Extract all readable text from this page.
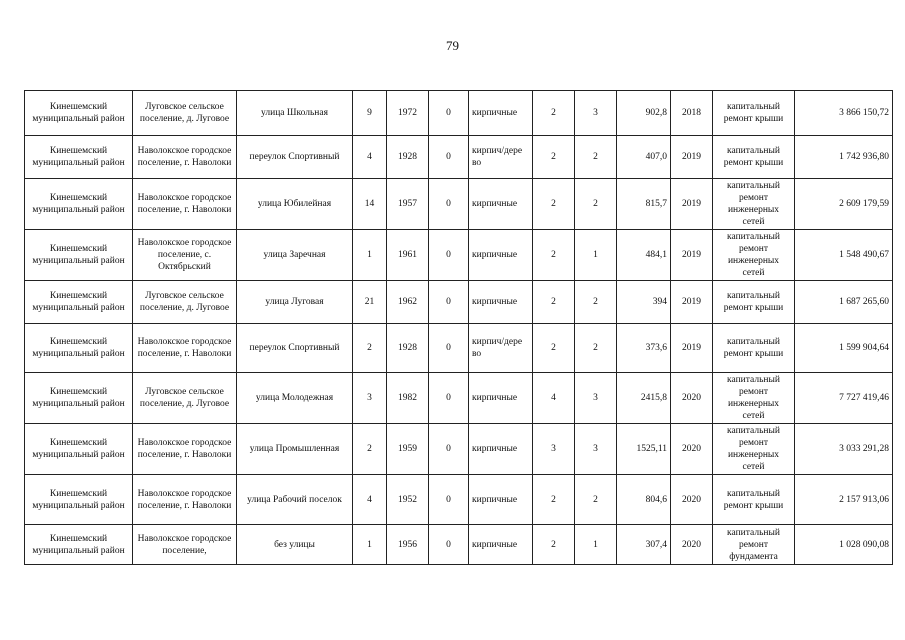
79
Кинешемский муниципальный район	Луговское сельское поселение, д. Луговое	улица Школьная	9	1972	0	кирпичные	2	3	902,8	2018	капитальный ремонт крыши	3 866 150,72
Кинешемский муниципальный район	Наволокское городское поселение, г. Наволоки	переулок Спортивный	4	1928	0	кирпич/дере во	2	2	407,0	2019	капитальный ремонт крыши	1 742 936,80
Кинешемский муниципальный район	Наволокское городское поселение, г. Наволоки	улица Юбилейная	14	1957	0	кирпичные	2	2	815,7	2019	капитальный ремонт инженерных сетей	2 609 179,59
Кинешемский муниципальный район	Наволокское городское поселение, с. Октябрьский	улица Заречная	1	1961	0	кирпичные	2	1	484,1	2019	капитальный ремонт инженерных сетей	1 548 490,67
Кинешемский муниципальный район	Луговское сельское поселение, д. Луговое	улица Луговая	21	1962	0	кирпичные	2	2	394	2019	капитальный ремонт крыши	1 687 265,60
Кинешемский муниципальный район	Наволокское городское поселение, г. Наволоки	переулок Спортивный	2	1928	0	кирпич/дере во	2	2	373,6	2019	капитальный ремонт крыши	1 599 904,64
Кинешемский муниципальный район	Луговское сельское поселение, д. Луговое	улица Молодежная	3	1982	0	кирпичные	4	3	2415,8	2020	капитальный ремонт инженерных сетей	7 727 419,46
Кинешемский муниципальный район	Наволокское городское поселение, г. Наволоки	улица Промышленная	2	1959	0	кирпичные	3	3	1525,11	2020	капитальный ремонт инженерных сетей	3 033 291,28
Кинешемский муниципальный район	Наволокское городское поселение, г. Наволоки	улица Рабочий поселок	4	1952	0	кирпичные	2	2	804,6	2020	капитальный ремонт крыши	2 157 913,06
Кинешемский муниципальный район	Наволокское городское поселение,	без улицы	1	1956	0	кирпичные	2	1	307,4	2020	капитальный ремонт фундамента	1 028 090,08
